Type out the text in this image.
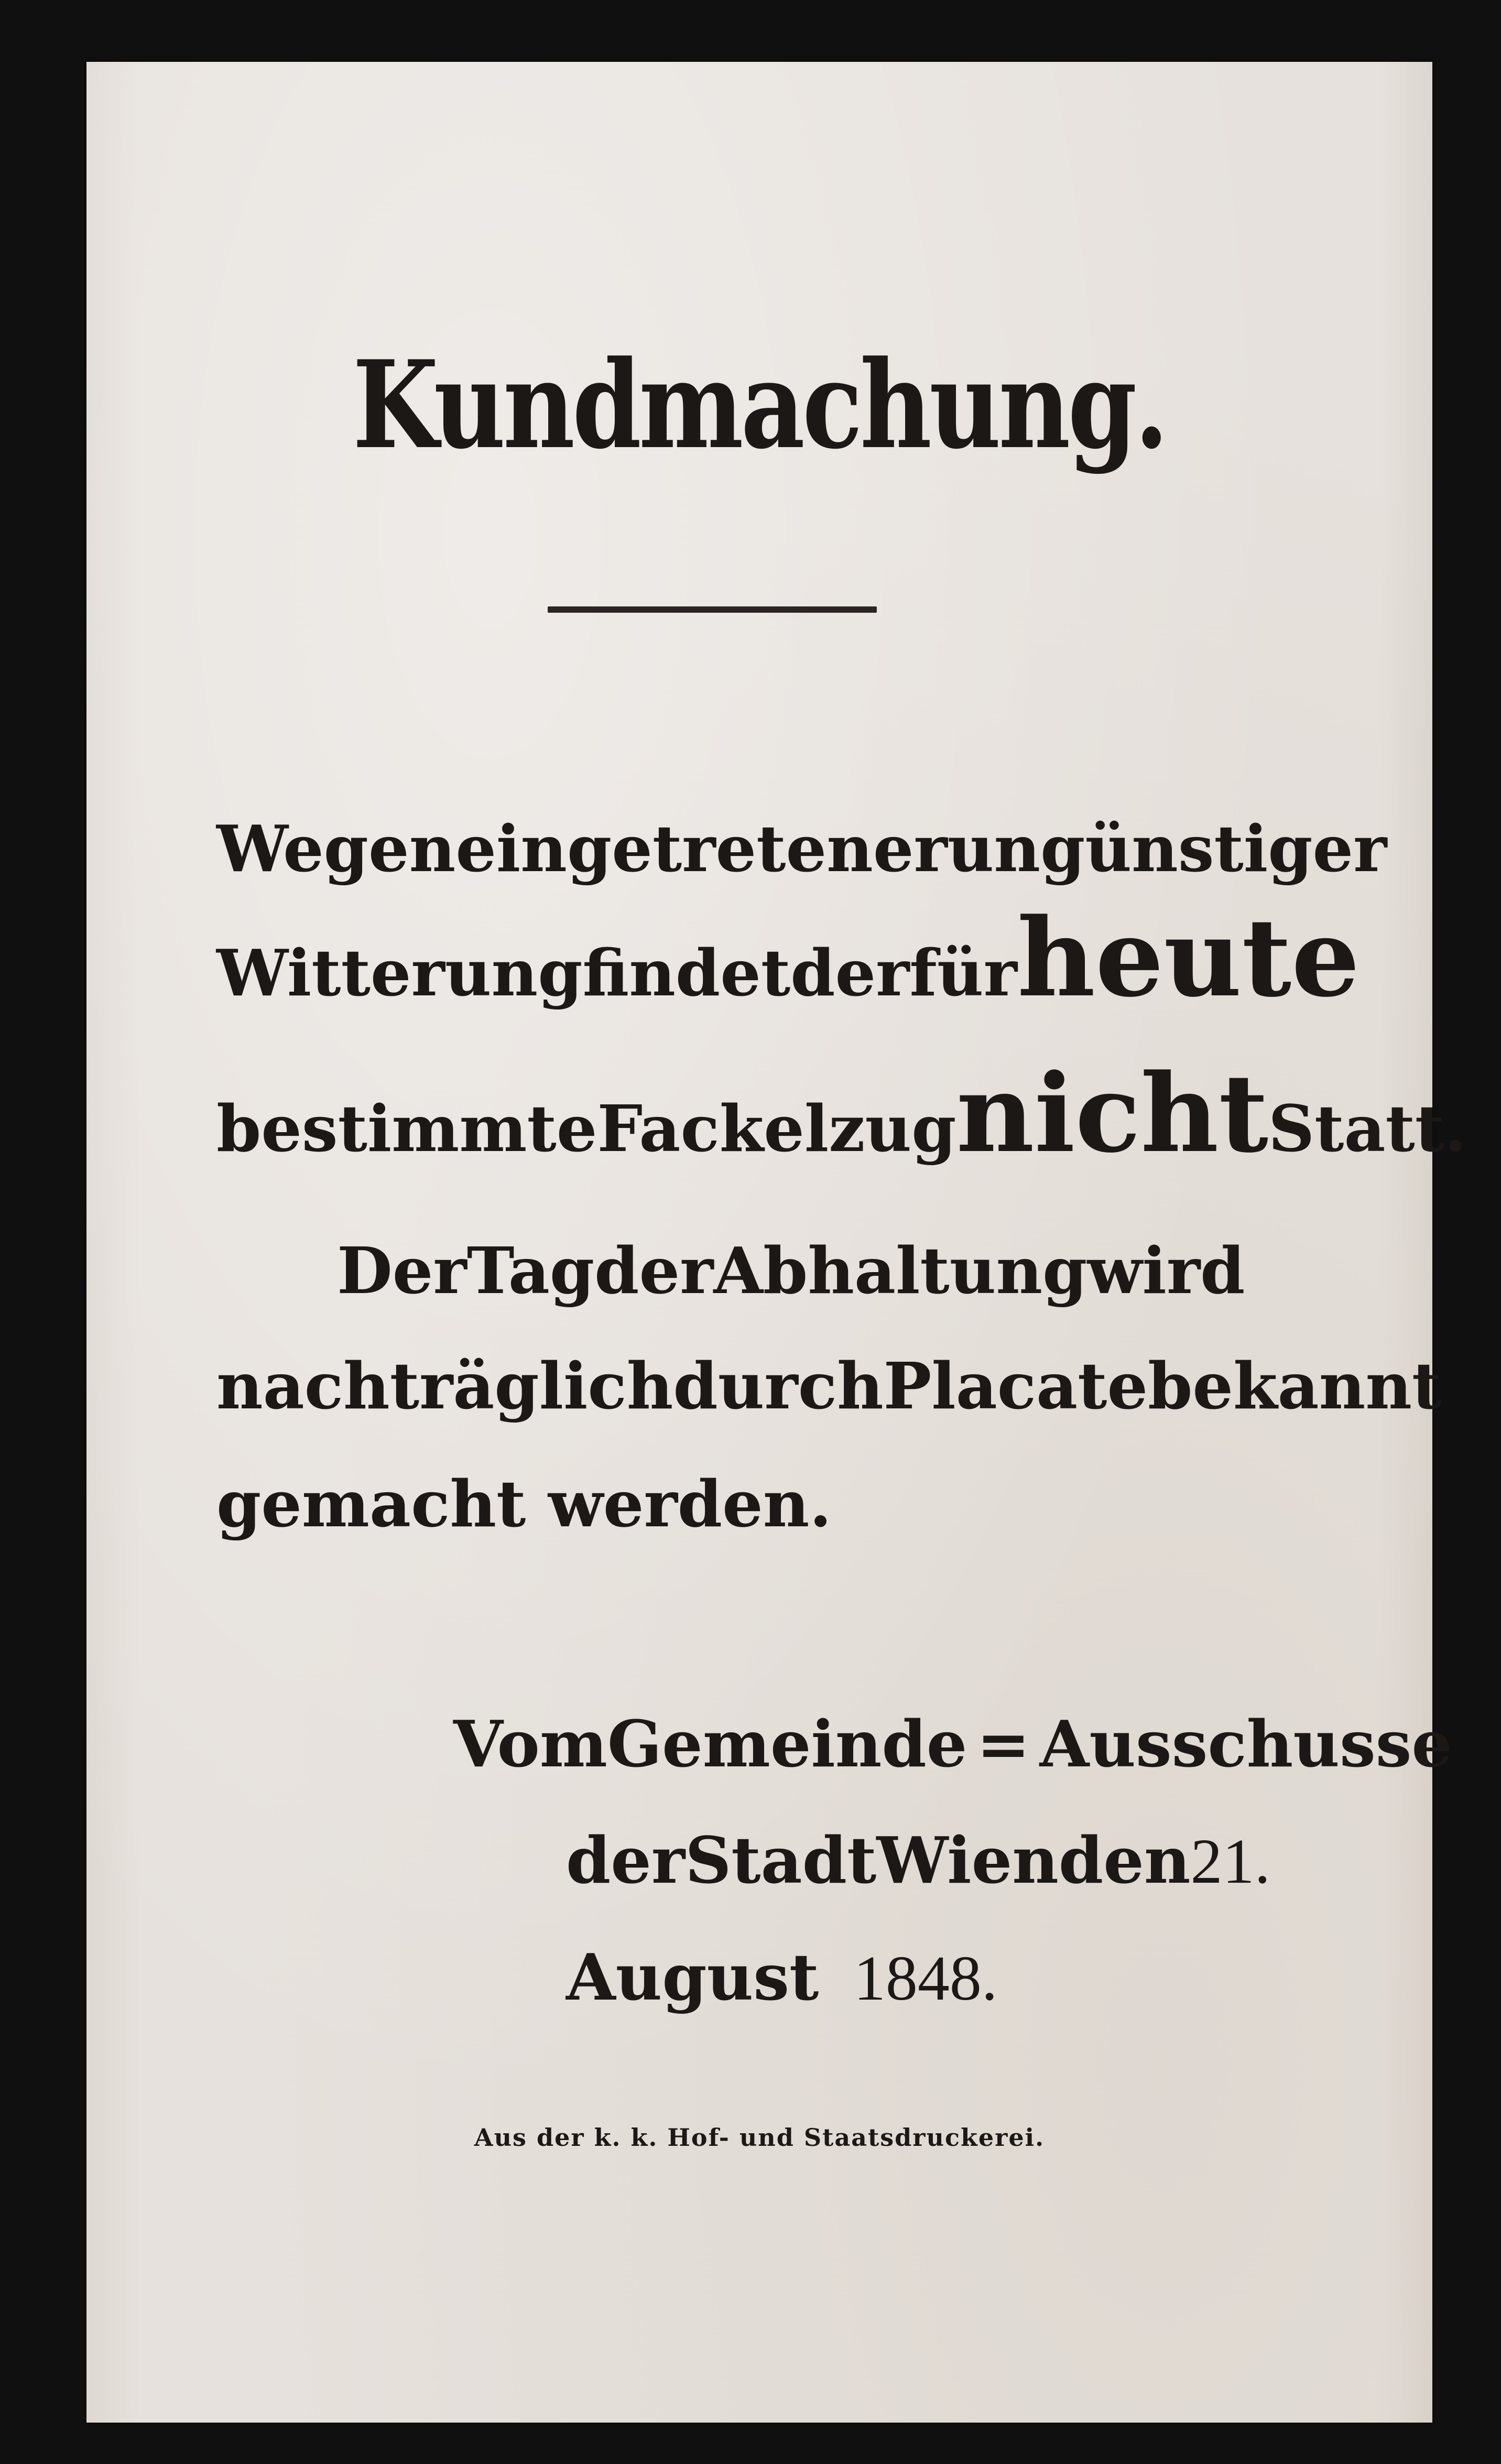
Kundmachung.
Wegen eingetretener ungünstiger
Witterung findet der für heute
bestimmte Fackelzug nicht Statt.
Der Tag der Abhaltung wird
nachträglich durch Placate bekannt
gemacht werden.
Vom Gemeinde = Ausschusse
der Stadt Wien den 21.
August 1848.

Aus der k. k. Hof- und Staatsdruckerei.
